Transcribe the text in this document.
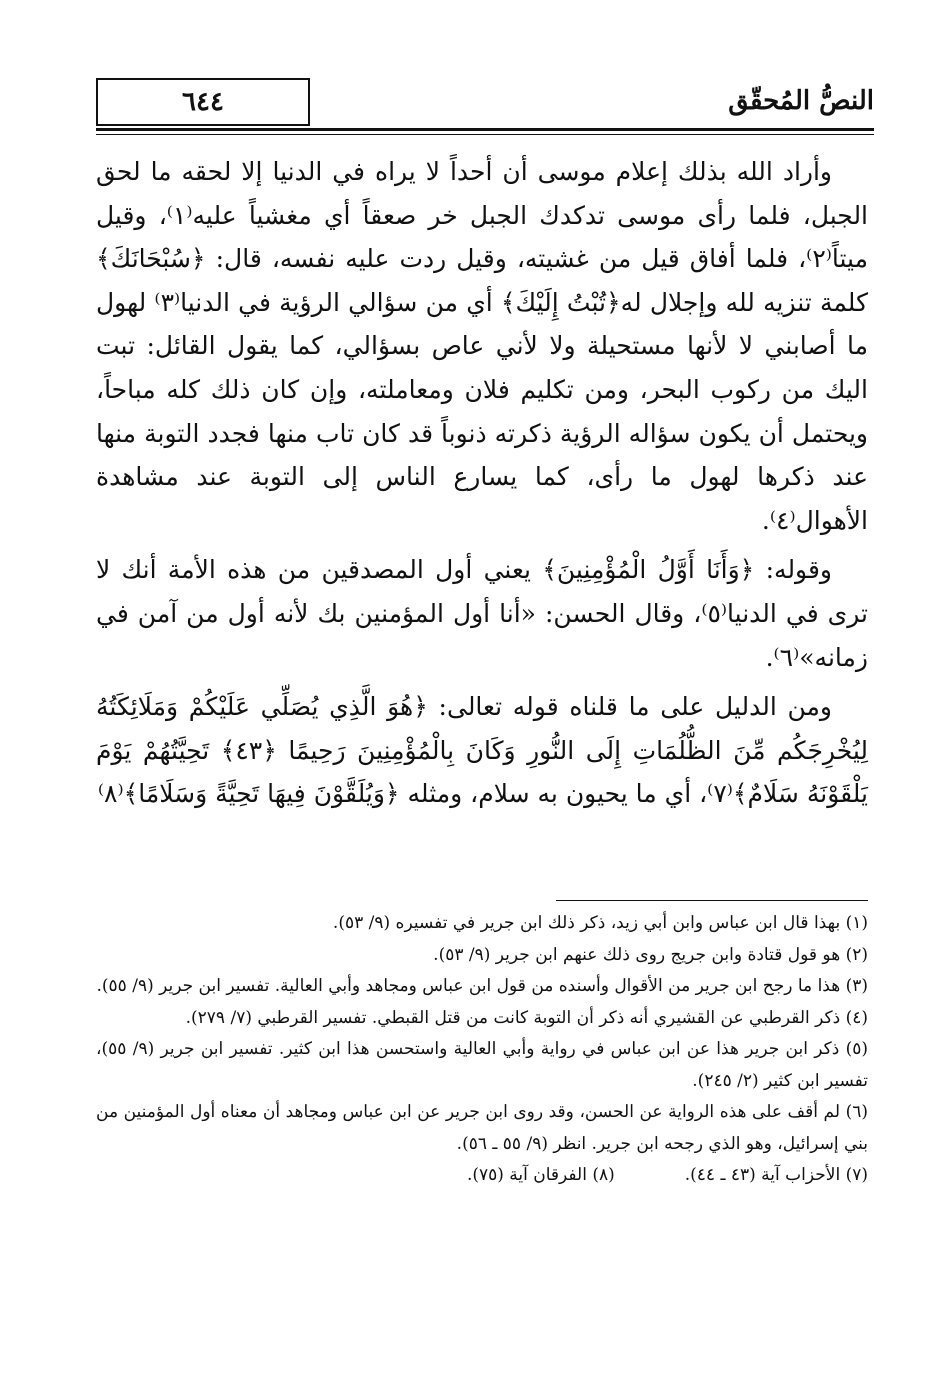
٦٤٤	النصُّ المُحقّق

وأراد الله بذلك إعلام موسى أن أحداً لا يراه في الدنيا إلا لحقه ما لحق الجبل، فلما رأى موسى تدكدك الجبل خر صعقاً أي مغشياً عليه⁽١⁾، وقيل ميتاً⁽٢⁾، فلما أفاق قيل من غشيته، وقيل ردت عليه نفسه، قال: ﴿سُبْحَانَكَ﴾ كلمة تنزيه لله وإجلال له﴿تُبْتُ إِلَيْكَ﴾ أي من سؤالي الرؤية في الدنيا⁽٣⁾ لهول ما أصابني لا لأنها مستحيلة ولا لأني عاص بسؤالي، كما يقول القائل: تبت اليك من ركوب البحر، ومن تكليم فلان ومعاملته، وإن كان ذلك كله مباحاً، ويحتمل أن يكون سؤاله الرؤية ذكرته ذنوباً قد كان تاب منها فجدد التوبة منها عند ذكرها لهول ما رأى، كما يسارع الناس إلى التوبة عند مشاهدة الأهوال⁽٤⁾.

وقوله: ﴿وَأَنَا أَوَّلُ الْمُؤْمِنِينَ﴾ يعني أول المصدقين من هذه الأمة أنك لا ترى في الدنيا⁽٥⁾، وقال الحسن: «أنا أول المؤمنين بك لأنه أول من آمن في زمانه»⁽٦⁾.

ومن الدليل على ما قلناه قوله تعالى: ﴿هُوَ الَّذِي يُصَلِّي عَلَيْكُمْ وَمَلَائِكَتُهُ لِيُخْرِجَكُم مِّنَ الظُّلُمَاتِ إِلَى النُّورِ وَكَانَ بِالْمُؤْمِنِينَ رَحِيمًا ﴿٤٣﴾ تَحِيَّتُهُمْ يَوْمَ يَلْقَوْنَهُ سَلَامٌ﴾⁽٧⁾، أي ما يحيون به سلام، ومثله ﴿وَيُلَقَّوْنَ فِيهَا تَحِيَّةً وَسَلَامًا﴾⁽٨⁾

(١) بهذا قال ابن عباس وابن أبي زيد، ذكر ذلك ابن جرير في تفسيره (٩/ ٥٣).

(٢) هو قول قتادة وابن جريج روى ذلك عنهم ابن جرير (٩/ ٥٣).

(٣) هذا ما رجح ابن جرير من الأقوال وأسنده من قول ابن عباس ومجاهد وأبي العالية. تفسير ابن جرير (٩/ ٥٥).

(٤) ذكر القرطبي عن القشيري أنه ذكر أن التوبة كانت من قتل القبطي. تفسير القرطبي (٧/ ٢٧٩).

(٥) ذكر ابن جرير هذا عن ابن عباس في رواية وأبي العالية واستحسن هذا ابن كثير. تفسير ابن جرير (٩/ ٥٥)، تفسير ابن كثير (٢/ ٢٤٥).

(٦) لم أقف على هذه الرواية عن الحسن، وقد روى ابن جرير عن ابن عباس ومجاهد أن معناه أول المؤمنين من بني إسرائيل، وهو الذي رجحه ابن جرير. انظر (٩/ ٥٥ ـ ٥٦).

(٧) الأحزاب آية (٤٣ ـ ٤٤).
(٨) الفرقان آية (٧٥).
